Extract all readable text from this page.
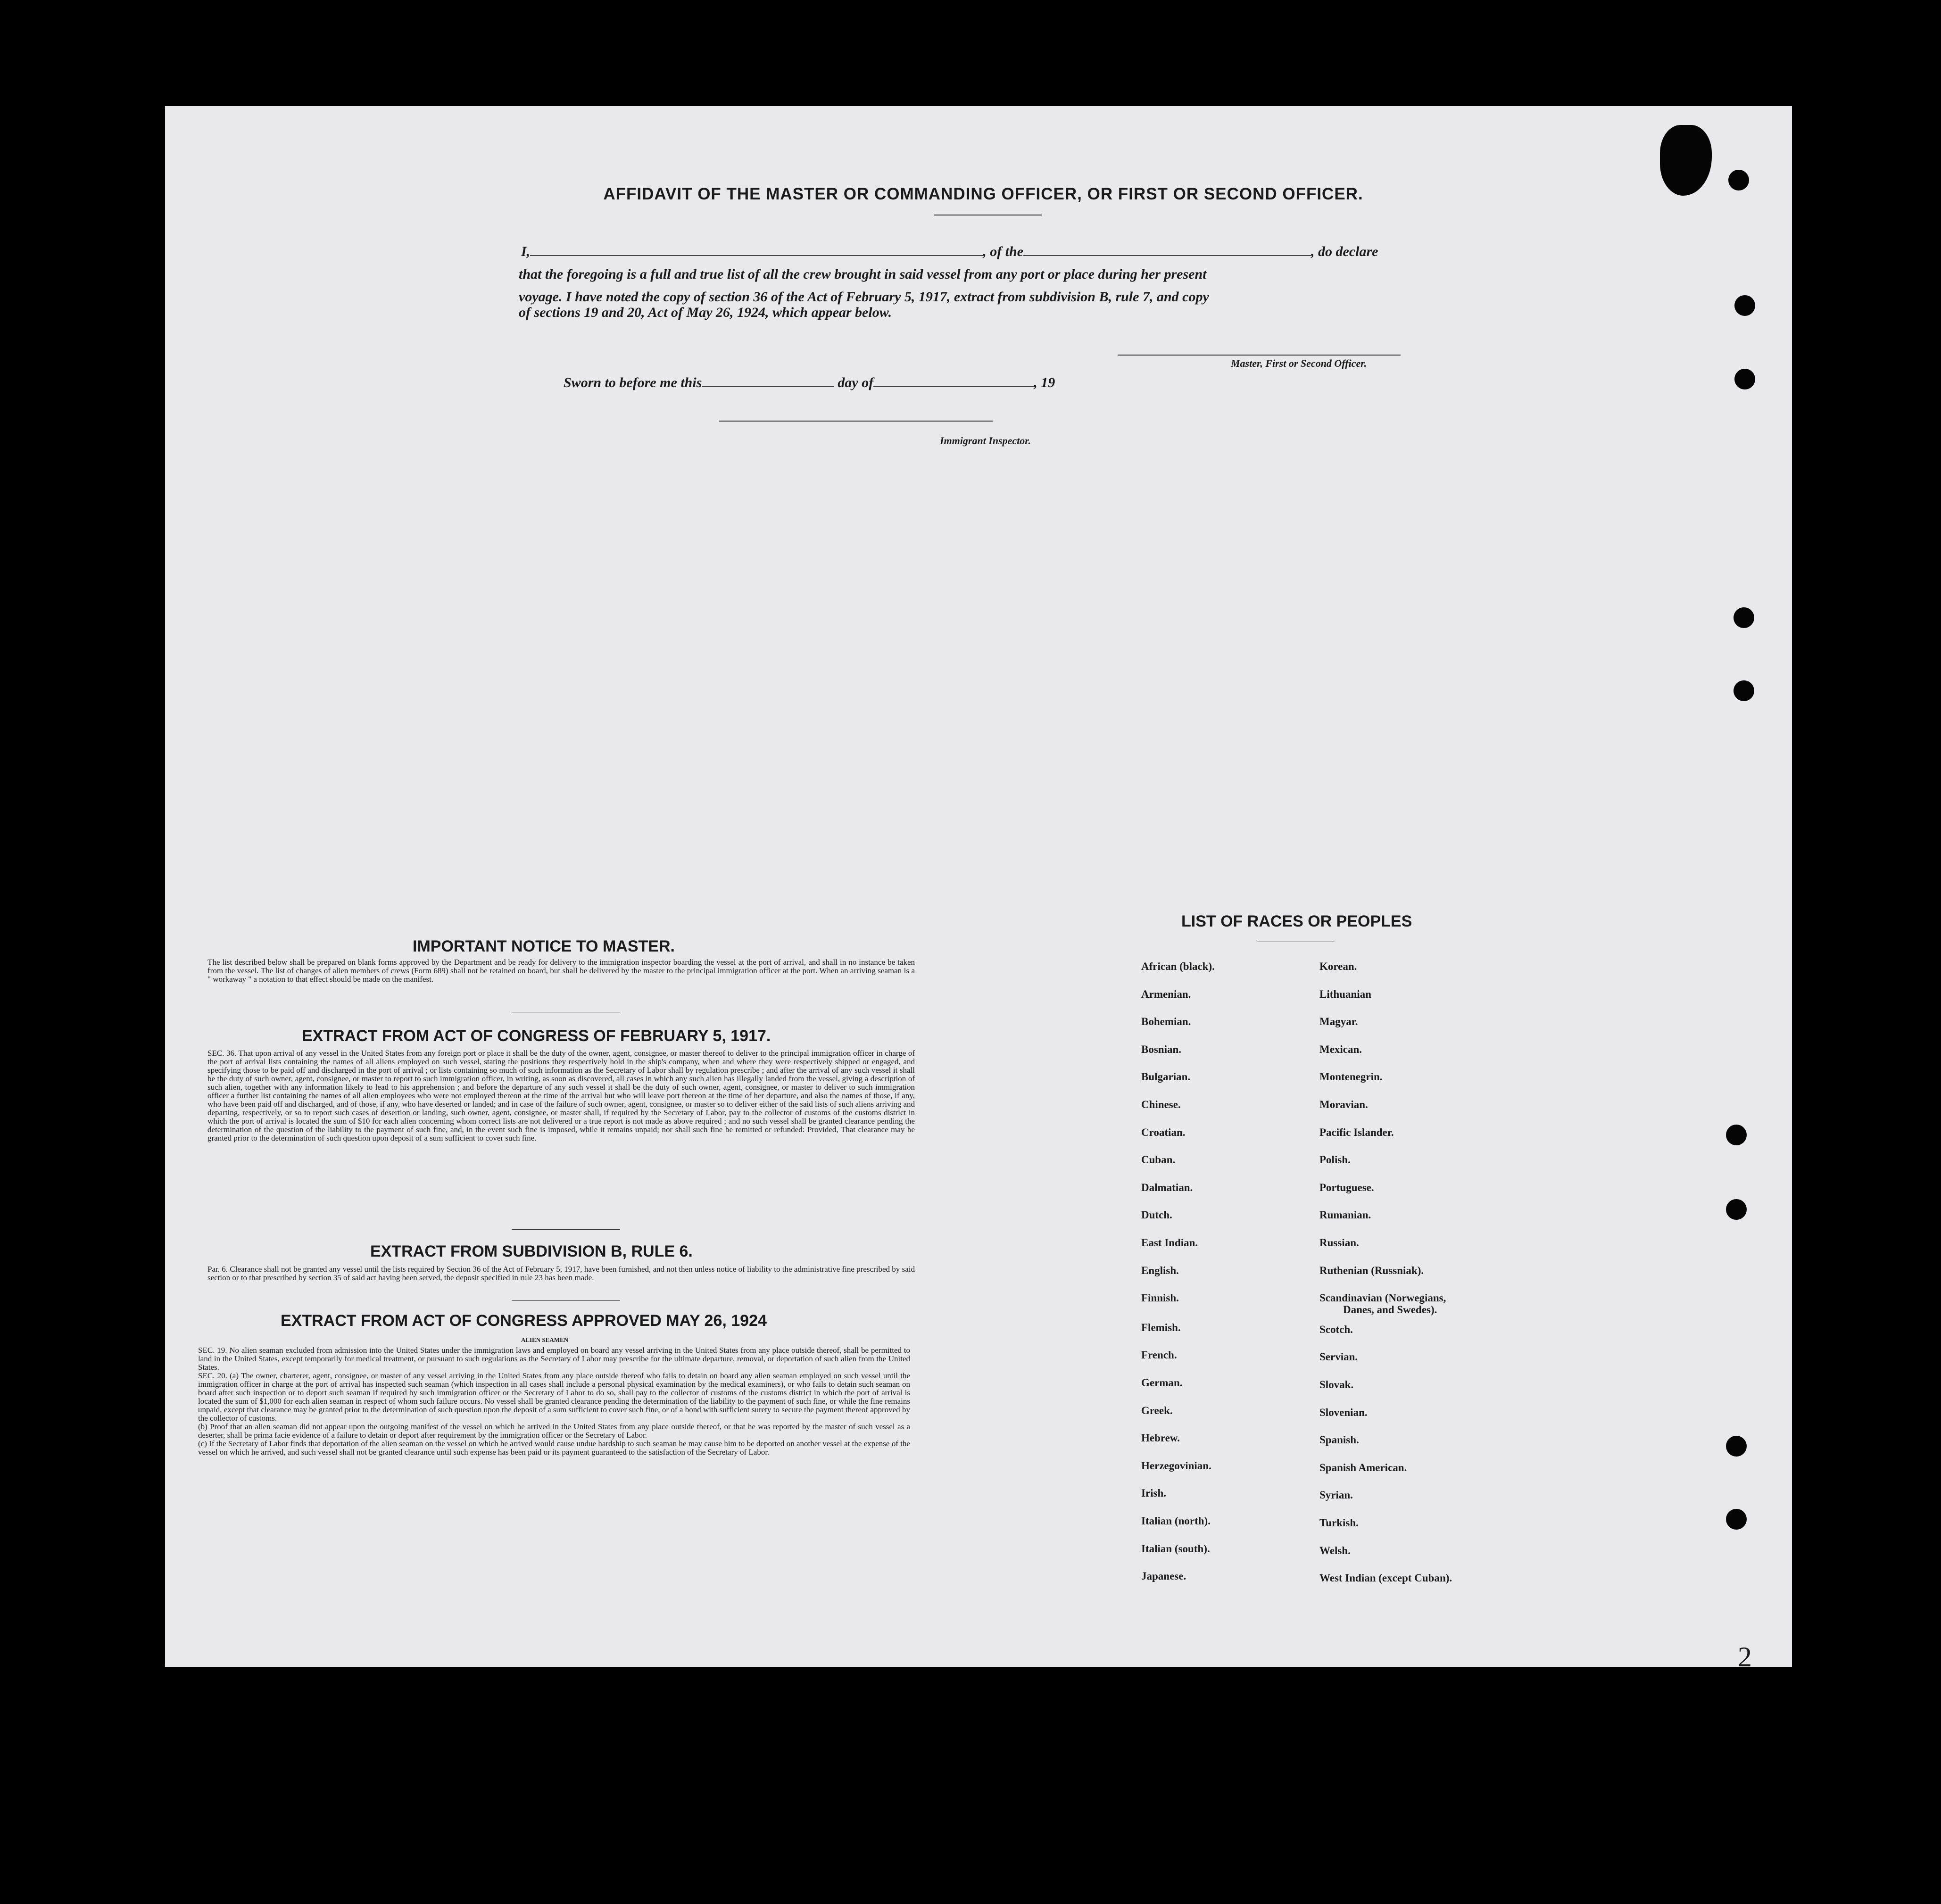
AFFIDAVIT OF THE MASTER OR COMMANDING OFFICER, OR FIRST OR SECOND OFFICER.
I,	, of the	, do declare
that the foregoing is a full and true list of all the crew brought in said vessel from any port or place during her present
voyage. I have noted the copy of section 36 of the Act of February 5, 1917, extract from subdivision B, rule 7, and copy
of sections 19 and 20, Act of May 26, 1924, which appear below.
Master, First or Second Officer.
Sworn to before me this	day of	, 19
Immigrant Inspector.
IMPORTANT NOTICE TO MASTER.
The list described below shall be prepared on blank forms approved by the Department and be ready for delivery to the immigration inspector boarding the vessel at the port of arrival, and shall in no instance be taken from the vessel. The list of changes of alien members of crews (Form 689) shall not be retained on board, but shall be delivered by the master to the principal immigration officer at the port. When an arriving seaman is a " workaway " a notation to that effect should be made on the manifest.
EXTRACT FROM ACT OF CONGRESS OF FEBRUARY 5, 1917.
SEC. 36. That upon arrival of any vessel in the United States from any foreign port or place it shall be the duty of the owner, agent, consignee, or master thereof to deliver to the principal immigration officer in charge of the port of arrival lists containing the names of all aliens employed on such vessel, stating the positions they respectively hold in the ship's company, when and where they were respectively shipped or engaged, and specifying those to be paid off and discharged in the port of arrival ; or lists containing so much of such information as the Secretary of Labor shall by regulation prescribe ; and after the arrival of any such vessel it shall be the duty of such owner, agent, consignee, or master to report to such immigration officer, in writing, as soon as discovered, all cases in which any such alien has illegally landed from the vessel, giving a description of such alien, together with any information likely to lead to his apprehension ; and before the departure of any such vessel it shall be the duty of such owner, agent, consignee, or master to deliver to such immigration officer a further list containing the names of all alien employees who were not employed thereon at the time of the arrival but who will leave port thereon at the time of her departure, and also the names of those, if any, who have been paid off and discharged, and of those, if any, who have deserted or landed; and in case of the failure of such owner, agent, consignee, or master so to deliver either of the said lists of such aliens arriving and departing, respectively, or so to report such cases of desertion or landing, such owner, agent, consignee, or master shall, if required by the Secretary of Labor, pay to the collector of customs of the customs district in which the port of arrival is located the sum of $10 for each alien concerning whom correct lists are not delivered or a true report is not made as above required ; and no such vessel shall be granted clearance pending the determination of the question of the liability to the payment of such fine, and, in the event such fine is imposed, while it remains unpaid; nor shall such fine be remitted or refunded: Provided, That clearance may be granted prior to the determination of such question upon deposit of a sum sufficient to cover such fine.
EXTRACT FROM SUBDIVISION B, RULE 6.
Par. 6. Clearance shall not be granted any vessel until the lists required by Section 36 of the Act of February 5, 1917, have been furnished, and not then unless notice of liability to the administrative fine prescribed by said section or to that prescribed by section 35 of said act having been served, the deposit specified in rule 23 has been made.
EXTRACT FROM ACT OF CONGRESS APPROVED MAY 26, 1924
ALIEN SEAMEN

SEC. 19. No alien seaman excluded from admission into the United States under the immigration laws and employed on board any vessel arriving in the United States from any place outside thereof, shall be permitted to land in the United States, except temporarily for medical treatment, or pursuant to such regulations as the Secretary of Labor may prescribe for the ultimate departure, removal, or deportation of such alien from the United States.

SEC. 20. (a) The owner, charterer, agent, consignee, or master of any vessel arriving in the United States from any place outside thereof who fails to detain on board any alien seaman employed on such vessel until the immigration officer in charge at the port of arrival has inspected such seaman (which inspection in all cases shall include a personal physical examination by the medical examiners), or who fails to detain such seaman on board after such inspection or to deport such seaman if required by such immigration officer or the Secretary of Labor to do so, shall pay to the collector of customs of the customs district in which the port of arrival is located the sum of $1,000 for each alien seaman in respect of whom such failure occurs. No vessel shall be granted clearance pending the determination of the liability to the payment of such fine, or while the fine remains unpaid, except that clearance may be granted prior to the determination of such question upon the deposit of a sum sufficient to cover such fine, or of a bond with sufficient surety to secure the payment thereof approved by the collector of customs.

(b) Proof that an alien seaman did not appear upon the outgoing manifest of the vessel on which he arrived in the United States from any place outside thereof, or that he was reported by the master of such vessel as a deserter, shall be prima facie evidence of a failure to detain or deport after requirement by the immigration officer or the Secretary of Labor.

(c) If the Secretary of Labor finds that deportation of the alien seaman on the vessel on which he arrived would cause undue hardship to such seaman he may cause him to be deported on another vessel at the expense of the vessel on which he arrived, and such vessel shall not be granted clearance until such expense has been paid or its payment guaranteed to the satisfaction of the Secretary of Labor.

LIST OF RACES OR PEOPLES
African (black).
Armenian.
Bohemian.
Bosnian.
Bulgarian.
Chinese.
Croatian.
Cuban.
Dalmatian.
Dutch.
East Indian.
English.
Finnish.
Flemish.
French.
German.
Greek.
Hebrew.
Herzegovinian.
Irish.
Italian (north).
Italian (south).
Japanese.
Korean.
Lithuanian
Magyar.
Mexican.
Montenegrin.
Moravian.
Pacific Islander.
Polish.
Portuguese.
Rumanian.
Russian.
Ruthenian (Russniak).
Scandinavian (Norwegians,
Scotch.
Servian.
Slovak.
Slovenian.
Spanish.
Spanish American.
Syrian.
Turkish.
Welsh.
West Indian (except Cuban).
Danes, and Swedes).
2
